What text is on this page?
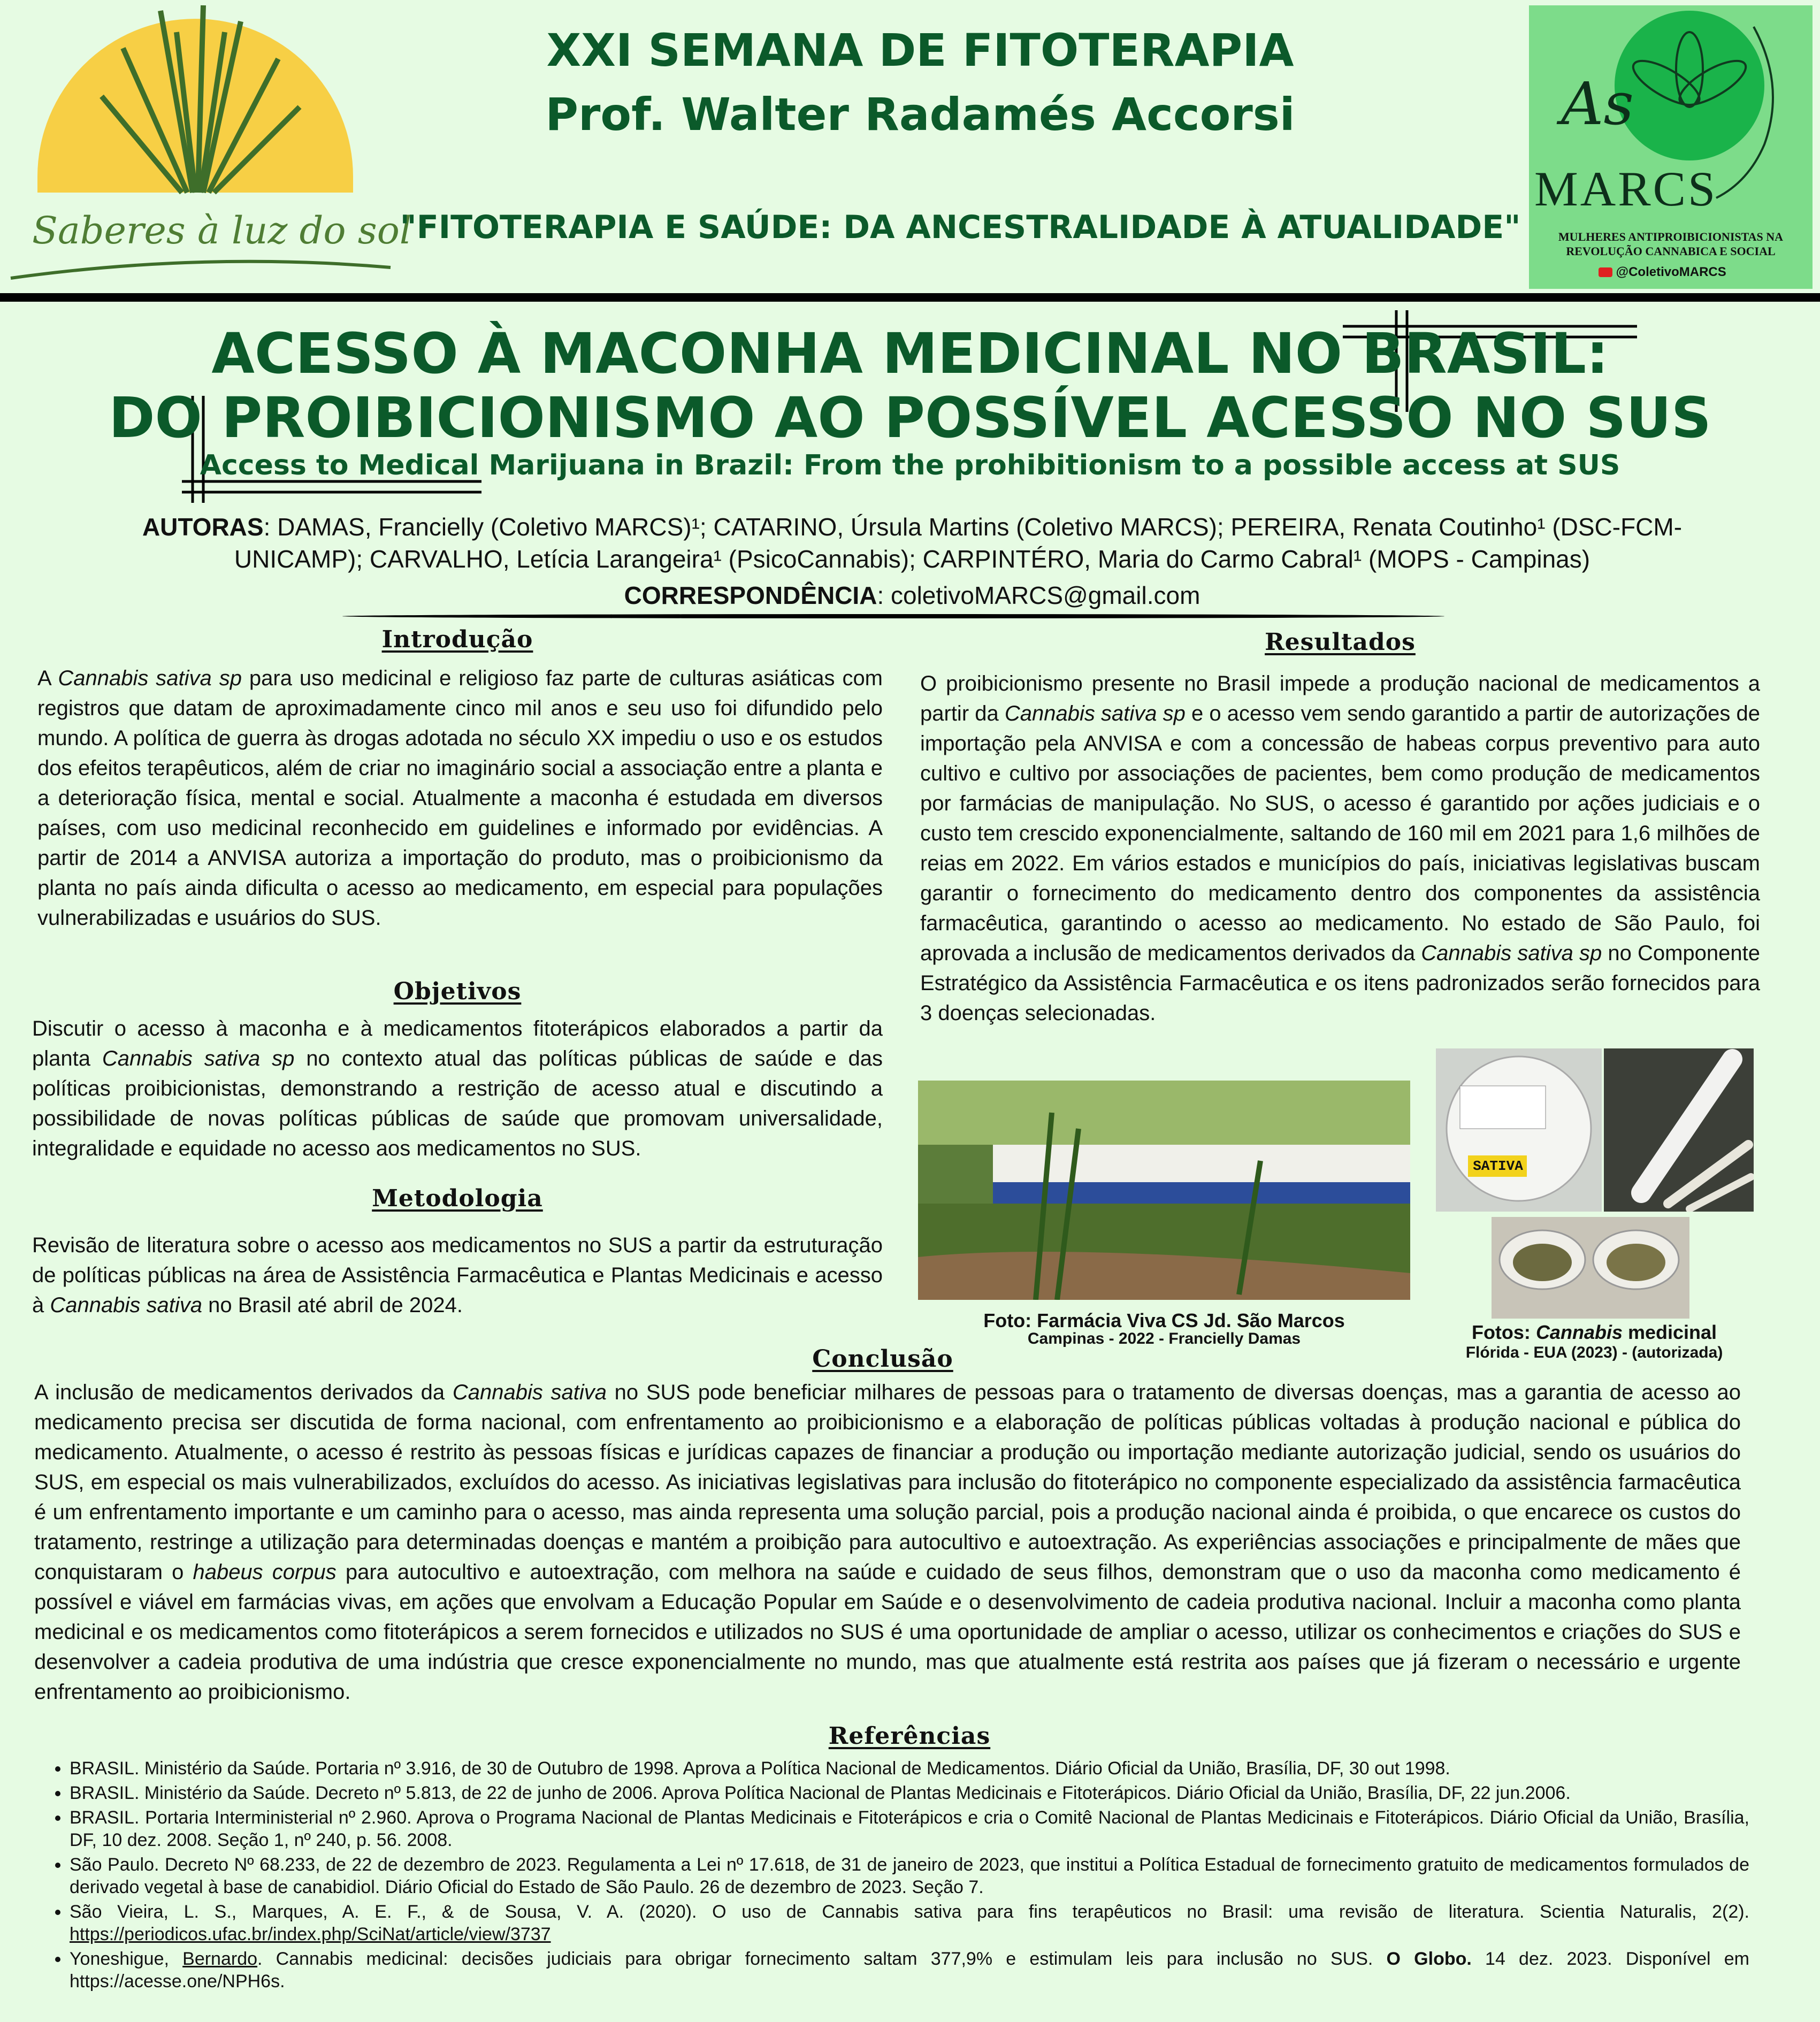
Saberes à luz do sol
XXI SEMANA DE FITOTERAPIA
Prof. Walter Radamés Accorsi
"FITOTERAPIA E SAÚDE: DA ANCESTRALIDADE À ATUALIDADE"
As
MARCS
MULHERES ANTIPROIBICIONISTAS NA
REVOLUÇÃO CANNABICA E SOCIAL
@ColetivoMARCS
ACESSO À MACONHA MEDICINAL NO BRASIL:
DO PROIBICIONISMO AO POSSÍVEL ACESSO NO SUS
Access to Medical Marijuana in Brazil: From the prohibitionism to a possible access at SUS
AUTORAS: DAMAS, Francielly (Coletivo MARCS)¹; CATARINO, Úrsula Martins (Coletivo MARCS); PEREIRA, Renata Coutinho¹ (DSC-FCM-
UNICAMP); CARVALHO, Letícia Larangeira¹ (PsicoCannabis); CARPINTÉRO, Maria do Carmo Cabral¹ (MOPS - Campinas)
CORRESPONDÊNCIA: coletivoMARCS@gmail.com
Introdução
A Cannabis sativa sp para uso medicinal e religioso faz parte de culturas asiáticas com registros que datam de aproximadamente cinco mil anos e seu uso foi difundido pelo mundo. A política de guerra às drogas adotada no século XX impediu o uso e os estudos dos efeitos terapêuticos, além de criar no imaginário social a associação entre a planta e a deterioração física, mental e social. Atualmente a maconha é estudada em diversos países, com uso medicinal reconhecido em guidelines e informado por evidências. A partir de 2014 a ANVISA autoriza a importação do produto, mas o proibicionismo da planta no país ainda dificulta o acesso ao medicamento, em especial para populações vulnerabilizadas e usuários do SUS.
Objetivos
Discutir o acesso à maconha e à medicamentos fitoterápicos elaborados a partir da planta Cannabis sativa sp no contexto atual das políticas públicas de saúde e das políticas proibicionistas, demonstrando a restrição de acesso atual e discutindo a possibilidade de novas políticas públicas de saúde que promovam universalidade, integralidade e equidade no acesso aos medicamentos no SUS.
Metodologia
Revisão de literatura sobre o acesso aos medicamentos no SUS a partir da estruturação de políticas públicas na área de Assistência Farmacêutica e Plantas Medicinais e acesso à Cannabis sativa no Brasil até abril de 2024.
Resultados
O proibicionismo presente no Brasil impede a produção nacional de medicamentos a partir da Cannabis sativa sp e o acesso vem sendo garantido a partir de autorizações de importação pela ANVISA e com a concessão de habeas corpus preventivo para auto cultivo e cultivo por associações de pacientes, bem como produção de medicamentos por farmácias de manipulação. No SUS, o acesso é garantido por ações judiciais e o custo tem crescido exponencialmente, saltando de 160 mil em 2021 para 1,6 milhões de reias em 2022. Em vários estados e municípios do país, iniciativas legislativas buscam garantir o fornecimento do medicamento dentro dos componentes da assistência farmacêutica, garantindo o acesso ao medicamento. No estado de São Paulo, foi aprovada a inclusão de medicamentos derivados da Cannabis sativa sp no Componente Estratégico da Assistência Farmacêutica e os itens padronizados serão fornecidos para 3 doenças selecionadas.
Foto: Farmácia Viva CS Jd. São Marcos
Campinas - 2022 - Francielly Damas
SATIVA
Fotos: Cannabis medicinal
Flórida - EUA (2023) - (autorizada)
Conclusão
A inclusão de medicamentos derivados da Cannabis sativa no SUS pode beneficiar milhares de pessoas para o tratamento de diversas doenças, mas a garantia de acesso ao medicamento precisa ser discutida de forma nacional, com enfrentamento ao proibicionismo e a elaboração de políticas públicas voltadas à produção nacional e pública do medicamento. Atualmente, o acesso é restrito às pessoas físicas e jurídicas capazes de financiar a produção ou importação mediante autorização judicial, sendo os usuários do SUS, em especial os mais vulnerabilizados, excluídos do acesso. As iniciativas legislativas para inclusão do fitoterápico no componente especializado da assistência farmacêutica é um enfrentamento importante e um caminho para o acesso, mas ainda representa uma solução parcial, pois a produção nacional ainda é proibida, o que encarece os custos do tratamento, restringe a utilização para determinadas doenças e mantém a proibição para autocultivo e autoextração. As experiências associações e principalmente de mães que conquistaram o habeus corpus para autocultivo e autoextração, com melhora na saúde e cuidado de seus filhos, demonstram que o uso da maconha como medicamento é possível e viável em farmácias vivas, em ações que envolvam a Educação Popular em Saúde e o desenvolvimento de cadeia produtiva nacional. Incluir a maconha como planta medicinal e os medicamentos como fitoterápicos a serem fornecidos e utilizados no SUS é uma oportunidade de ampliar o acesso, utilizar os conhecimentos e criações do SUS e desenvolver a cadeia produtiva de uma indústria que cresce exponencialmente no mundo, mas que atualmente está restrita aos países que já fizeram o necessário e urgente enfrentamento ao proibicionismo.
Referências
• BRASIL. Ministério da Saúde. Portaria nº 3.916, de 30 de Outubro de 1998. Aprova a Política Nacional de Medicamentos. Diário Oficial da União, Brasília, DF, 30 out 1998.
• BRASIL. Ministério da Saúde. Decreto nº 5.813, de 22 de junho de 2006. Aprova Política Nacional de Plantas Medicinais e Fitoterápicos. Diário Oficial da União, Brasília, DF, 22 jun.2006.
• BRASIL. Portaria Interministerial nº 2.960. Aprova o Programa Nacional de Plantas Medicinais e Fitoterápicos e cria o Comitê Nacional de Plantas Medicinais e Fitoterápicos. Diário Oficial da União, Brasília, DF, 10 dez. 2008. Seção 1, nº 240, p. 56. 2008.
• São Paulo. Decreto Nº 68.233, de 22 de dezembro de 2023. Regulamenta a Lei nº 17.618, de 31 de janeiro de 2023, que institui a Política Estadual de fornecimento gratuito de medicamentos formulados de derivado vegetal à base de canabidiol. Diário Oficial do Estado de São Paulo. 26 de dezembro de 2023. Seção 7.
• São Vieira, L. S., Marques, A. E. F., & de Sousa, V. A. (2020). O uso de Cannabis sativa para fins terapêuticos no Brasil: uma revisão de literatura. Scientia Naturalis, 2(2). https://periodicos.ufac.br/index.php/SciNat/article/view/3737
• Yoneshigue, Bernardo. Cannabis medicinal: decisões judiciais para obrigar fornecimento saltam 377,9% e estimulam leis para inclusão no SUS. O Globo. 14 dez. 2023. Disponível em https://acesse.one/NPH6s.
